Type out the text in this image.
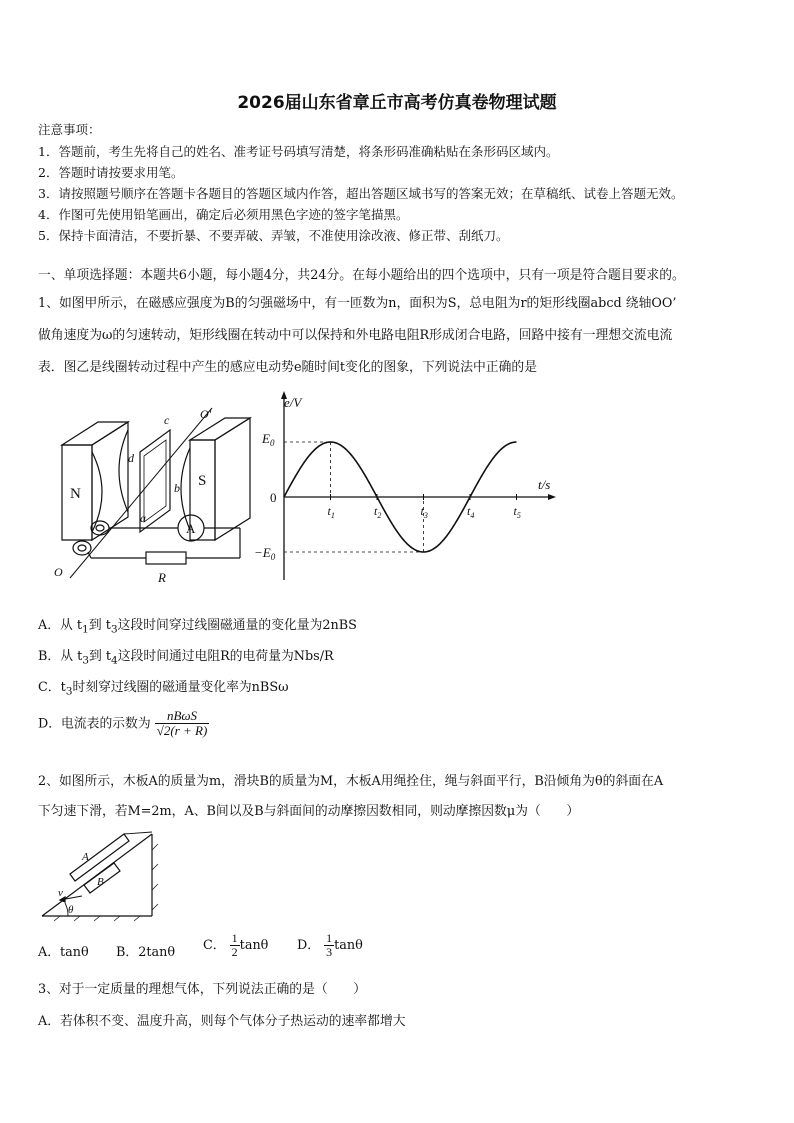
2026届山东省章丘市高考仿真卷物理试题
注意事项：
1．答题前，考生先将自己的姓名、准考证号码填写清楚，将条形码准确粘贴在条形码区域内。
2．答题时请按要求用笔。
3．请按照题号顺序在答题卡各题目的答题区域内作答，超出答题区域书写的答案无效；在草稿纸、试卷上答题无效。
4．作图可先使用铅笔画出，确定后必须用黑色字迹的签字笔描黑。
5．保持卡面清洁，不要折暴、不要弄破、弄皱，不准使用涂改液、修正带、刮纸刀。
一、单项选择题：本题共6小题，每小题4分，共24分。在每小题给出的四个选项中，只有一项是符合题目要求的。
1、如图甲所示，在磁感应强度为B的匀强磁场中，有一匝数为n，面积为S，总电阻为r的矩形线圈abcd 绕轴OO’
做角速度为ω的匀速转动，矩形线圈在转动中可以保持和外电路电阻R形成闭合电路，回路中接有一理想交流电流
表．图乙是线圈转动过程中产生的感应电动势e随时间t变化的图象，下列说法中正确的是
N
S
d
c
b
a
O'
O
A
R
e/V
t/s
0
$E_0$
$-E_0$
$t_1$	$t_2$	$t_3$	$t_4$	$t_5$
A．从 $t_1$到 $t_3$这段时间穿过线圈磁通量的变化量为2nBS
B．从 $t_3$到 $t_4$这段时间通过电阻R的电荷量为Nbs/R
C．$t_3$时刻穿过线圈的磁通量变化率为nBSω
D．电流表的示数为 $\frac{\text{nBωS}}{√2(r + R)}$
2、如图所示，木板A的质量为m，滑块B的质量为M，木板A用绳拴住，绳与斜面平行，B沿倾角为θ的斜面在A
下匀速下滑，若M=2m，A、B间以及B与斜面间的动摩擦因数相同，则动摩擦因数μ为（　　）
A
B
v
θ
A．tanθ B．2tanθ C． $\frac{1}{2}$ tanθ D． $\frac{1}{3}$ tanθ
3、对于一定质量的理想气体，下列说法正确的是（　　）
A．若体积不变、温度升高，则每个气体分子热运动的速率都增大
